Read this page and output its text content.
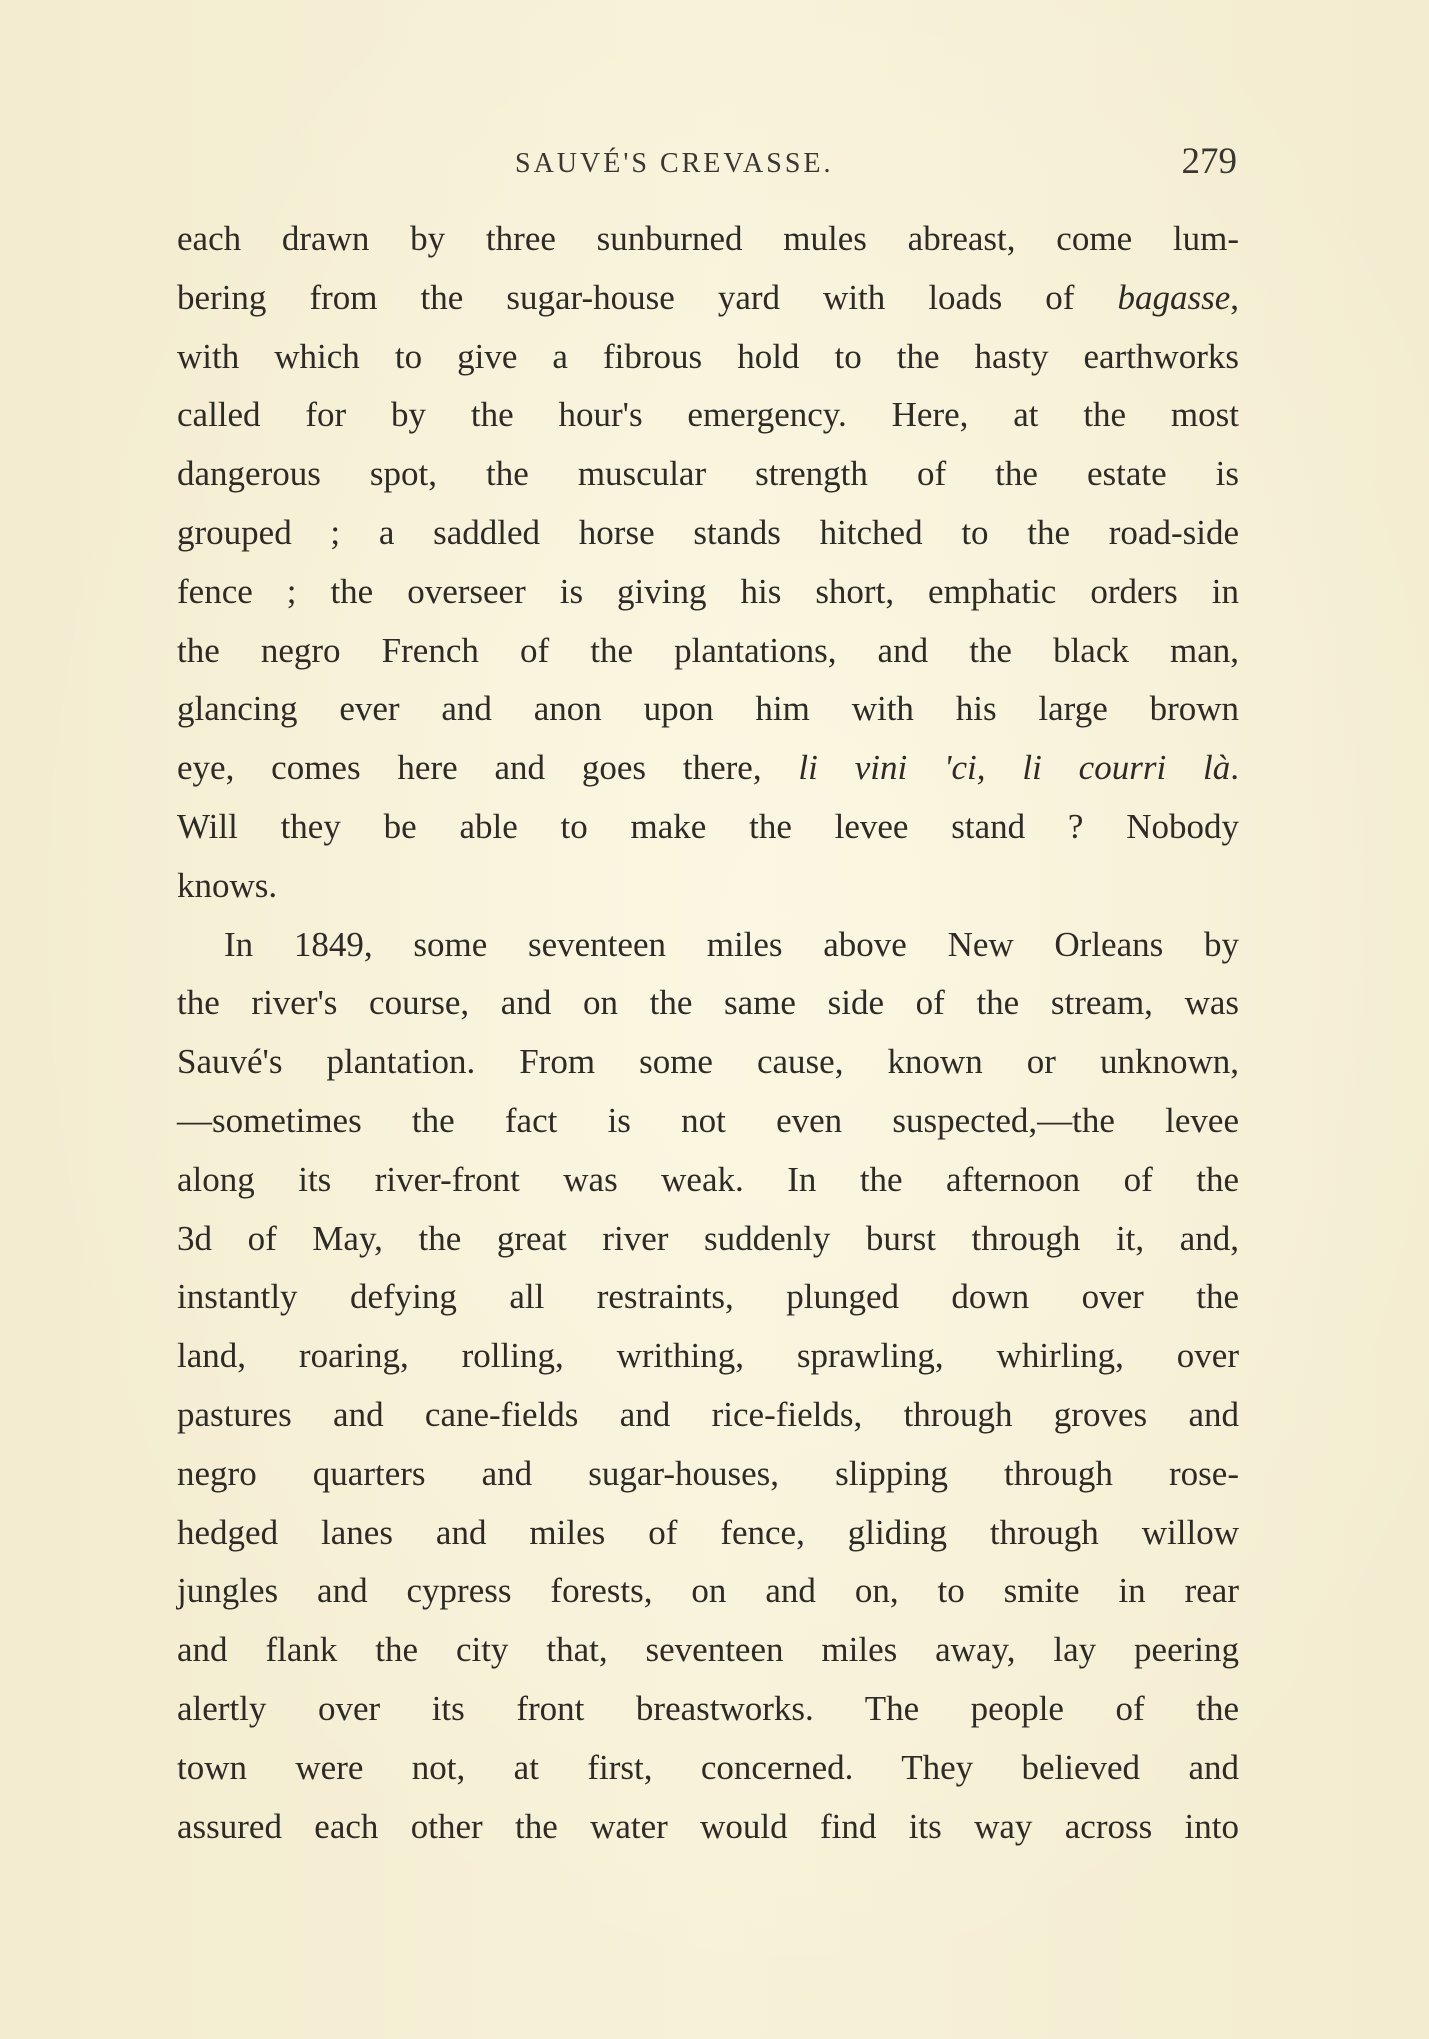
SAUVÉ'S CREVASSE.	279
each drawn by three sunburned mules abreast, come lum-
bering from the sugar-house yard with loads of bagasse,
with which to give a fibrous hold to the hasty earthworks
called for by the hour's emergency. Here, at the most
dangerous spot, the muscular strength of the estate is
grouped ; a saddled horse stands hitched to the road-side
fence ; the overseer is giving his short, emphatic orders in
the negro French of the plantations, and the black man,
glancing ever and anon upon him with his large brown
eye, comes here and goes there, li vini 'ci, li courri là.
Will they be able to make the levee stand ? Nobody
knows.
In 1849, some seventeen miles above New Orleans by
the river's course, and on the same side of the stream, was
Sauvé's plantation. From some cause, known or unknown,
—sometimes the fact is not even suspected,—the levee
along its river-front was weak. In the afternoon of the
3d of May, the great river suddenly burst through it, and,
instantly defying all restraints, plunged down over the
land, roaring, rolling, writhing, sprawling, whirling, over
pastures and cane-fields and rice-fields, through groves and
negro quarters and sugar-houses, slipping through rose-
hedged lanes and miles of fence, gliding through willow
jungles and cypress forests, on and on, to smite in rear
and flank the city that, seventeen miles away, lay peering
alertly over its front breastworks. The people of the
town were not, at first, concerned. They believed and
assured each other the water would find its way across into
